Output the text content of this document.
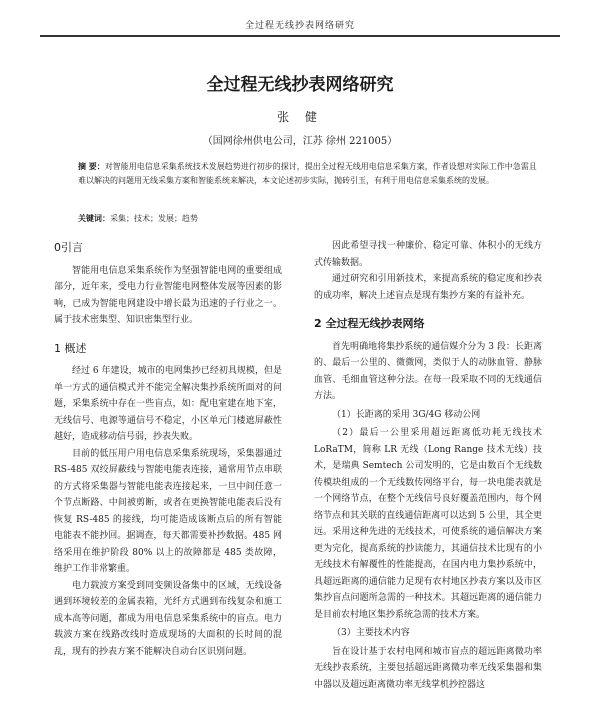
全过程无线抄表网络研究
全过程无线抄表网络研究
张 健
（国网徐州供电公司，江苏 徐州 221005）
摘 要：对智能用电信息采集系统技术发展趋势进行初步的探讨，提出全过程无线用电信息采集方案，作者设想对实际工作中急需且难以解决的问题用无线采集方案和智能系统来解决，本文论述初步实际，抛砖引玉，有利于用电信息采集系统的发展。
关键词：采集；技术；发展；趋势
0引言

智能用电信息采集系统作为坚强智能电网的重要组成部分，近年来，受电力行业智能电网整体发展等因素的影响，已成为智能电网建设中增长最为迅速的子行业之一。属于技术密集型、知识密集型行业。

1 概述

经过 6 年建设，城市的电网集抄已经初具规模，但是单一方式的通信模式并不能完全解决集抄系统所面对的问题，采集系统中存在一些盲点，如：配电室建在地下室，无线信号、电源等通信号不稳定，小区单元门楼遮屏蔽性越好，造成移动信号弱，抄表失败。

目前的低压用户用电信息采集系统现场，采集器通过 RS-485 双绞屏蔽线与智能电能表连接，通常用节点串联的方式将采集器与智能电能表连接起来，一旦中间任意一个节点断路、中间被剪断，或者在更换智能电能表后没有恢复 RS-485 的接线，均可能造成该断点后的所有智能电能表不能抄回。据调查，每天都需要补抄数据。485 网络采用在维护阶段 80% 以上的故障都是 485 类故障，维护工作非常繁重。

电力载波方案受到同变频设备集中的区域，无线设备遇到环境较差的金属表箱，光纤方式遇到布线复杂和施工成本高等问题，都成为用电信息采集系统中的盲点。电力载波方案在线路改线时造成现场的大面积的长时间的混乱，现有的抄表方案不能解决自动台区识别问题。

因此希望寻找一种廉价、稳定可靠、体积小的无线方式传输数据。

通过研究和引用新技术，来提高系统的稳定度和抄表的成功率，解决上述盲点是现有集抄方案的有益补充。

2 全过程无线抄表网络

首先明确地将集抄系统的通信媒介分为 3 段：长距离的、最后一公里的、微微网，类似于人的动脉血管、静脉血管、毛细血管这种分法。在每一段采取不同的无线通信方法。

（1）长距离的采用 3G/4G 移动公网

（2）最后一公里采用超远距离低功耗无线技术 LoRaTM，简称 LR 无线（Long Range 技术无线）技术，是瑞典 Semtech 公司发明的，它是由数百个无线数传模块组成的一个无线数传网络平台，每一块电能表就是一个网络节点，在整个无线信号良好覆盖范围内，每个网络节点和其关联的直线通信距离可以达到 5 公里，其全更远。采用这种先进的无线技术，可使系统的通信解决方案更为完化，提高系统的抄读能力，其通信技术比现有的小无线技术有解覆性的性能提高，在国内电力集抄系统中，具超远距离的通信能力足现有农村地区抄表方案以及市区集抄盲点问题所急需的一种技术。其超远距离的通信能力是目前农村地区集抄系统急需的技术方案。

（3）主要技术内容

旨在设计基于农村电网和城市盲点的超远距离微功率无线抄表系统，主要包括超远距离微功率无线采集器和集中器以及超远距离微功率无线掌机抄控器这
